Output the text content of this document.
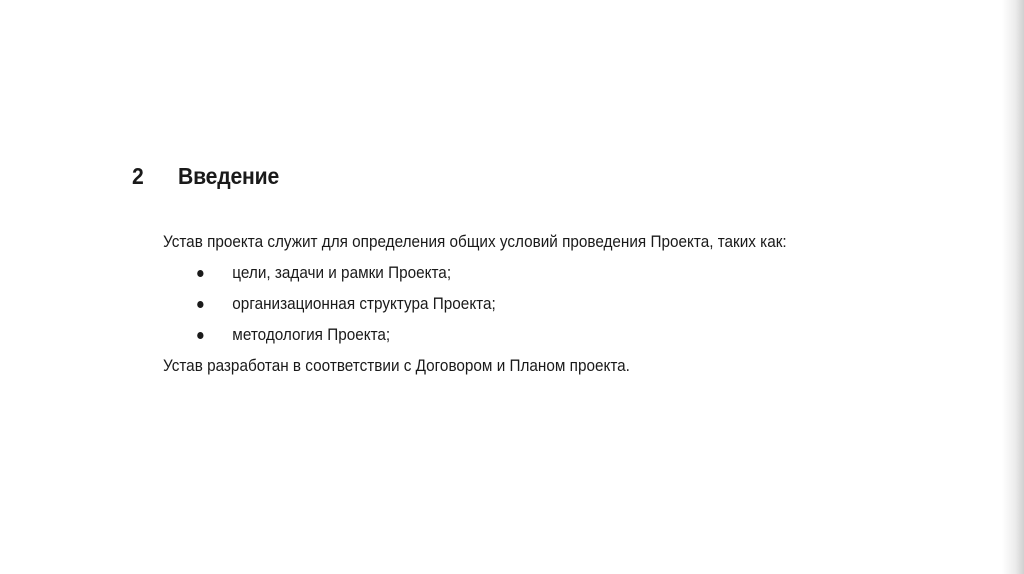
2 Введение

Устав проекта служит для определения общих условий проведения Проекта, таких как:

цели, задачи и рамки Проекта;
организационная структура Проекта;
методология Проекта;

Устав разработан в соответствии с Договором и Планом проекта.
